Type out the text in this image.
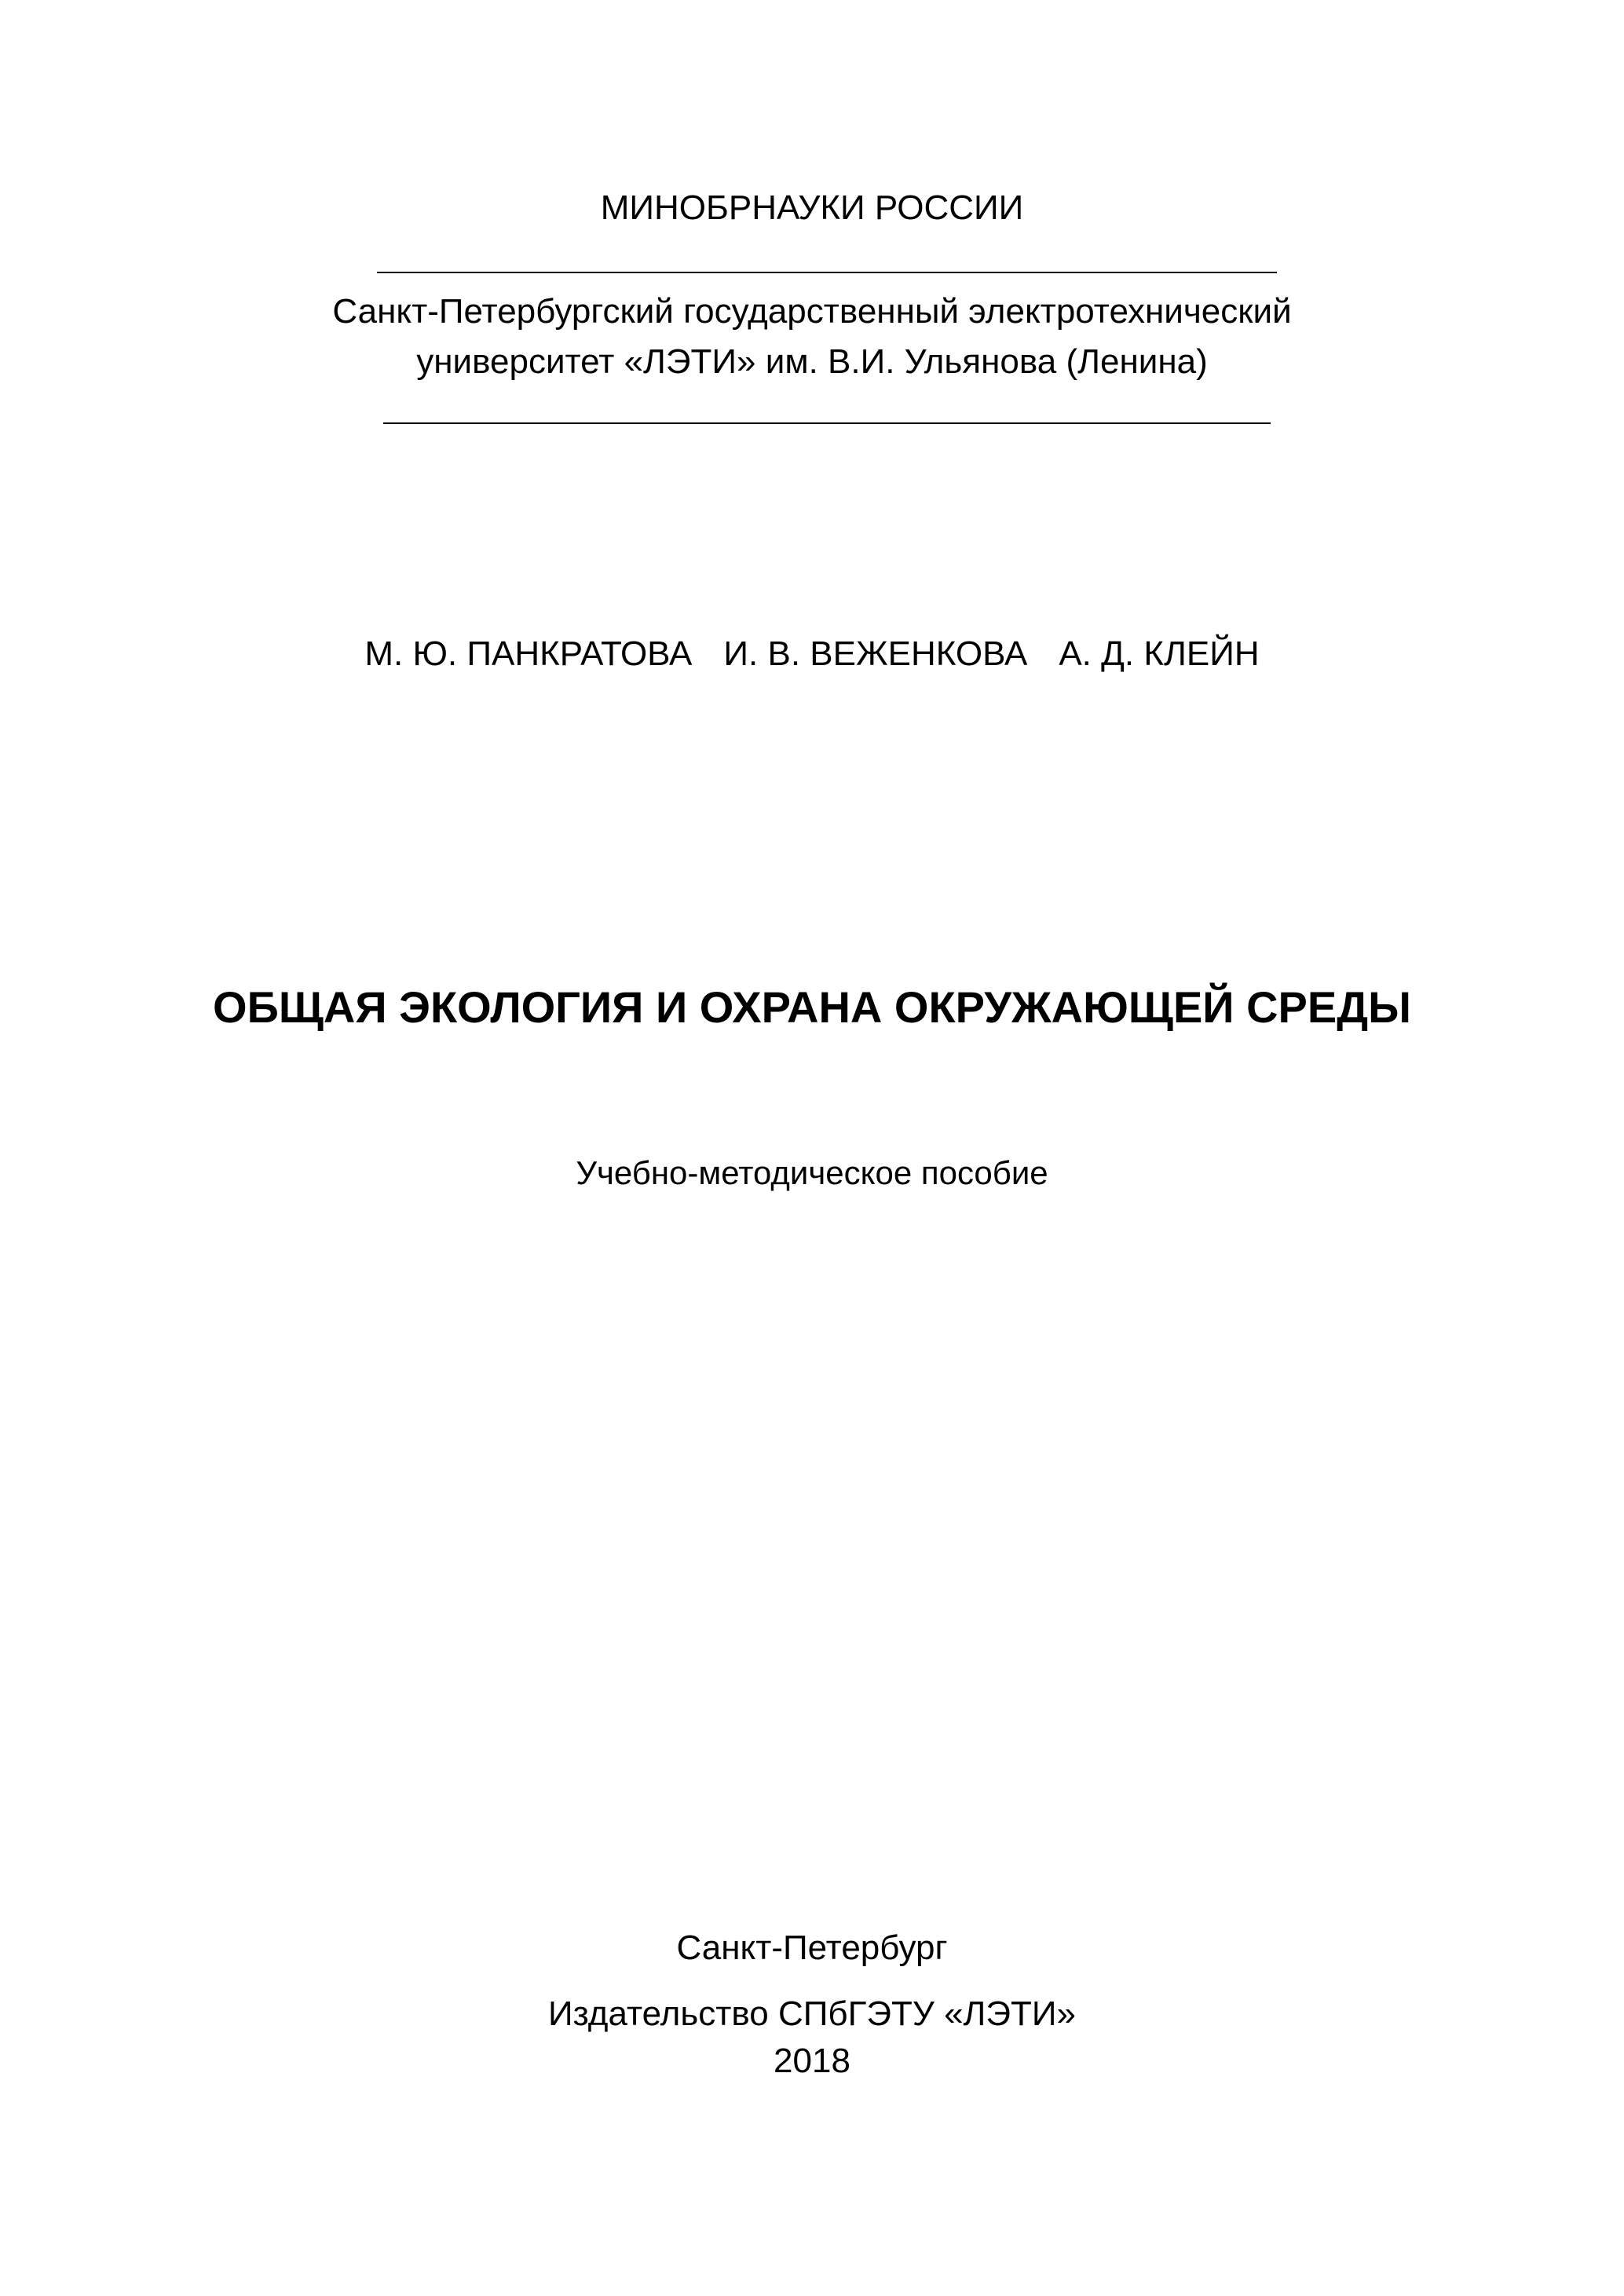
МИНОБРНАУКИ РОССИИ
Санкт-Петербургский государственный электротехнический
университет «ЛЭТИ» им. В.И. Ульянова (Ленина)
М. Ю. ПАНКРАТОВА И. В. ВЕЖЕНКОВА А. Д. КЛЕЙН
ОБЩАЯ ЭКОЛОГИЯ И ОХРАНА ОКРУЖАЮЩЕЙ СРЕДЫ
Учебно-методическое пособие
Санкт-Петербург
Издательство СПбГЭТУ «ЛЭТИ»
2018
